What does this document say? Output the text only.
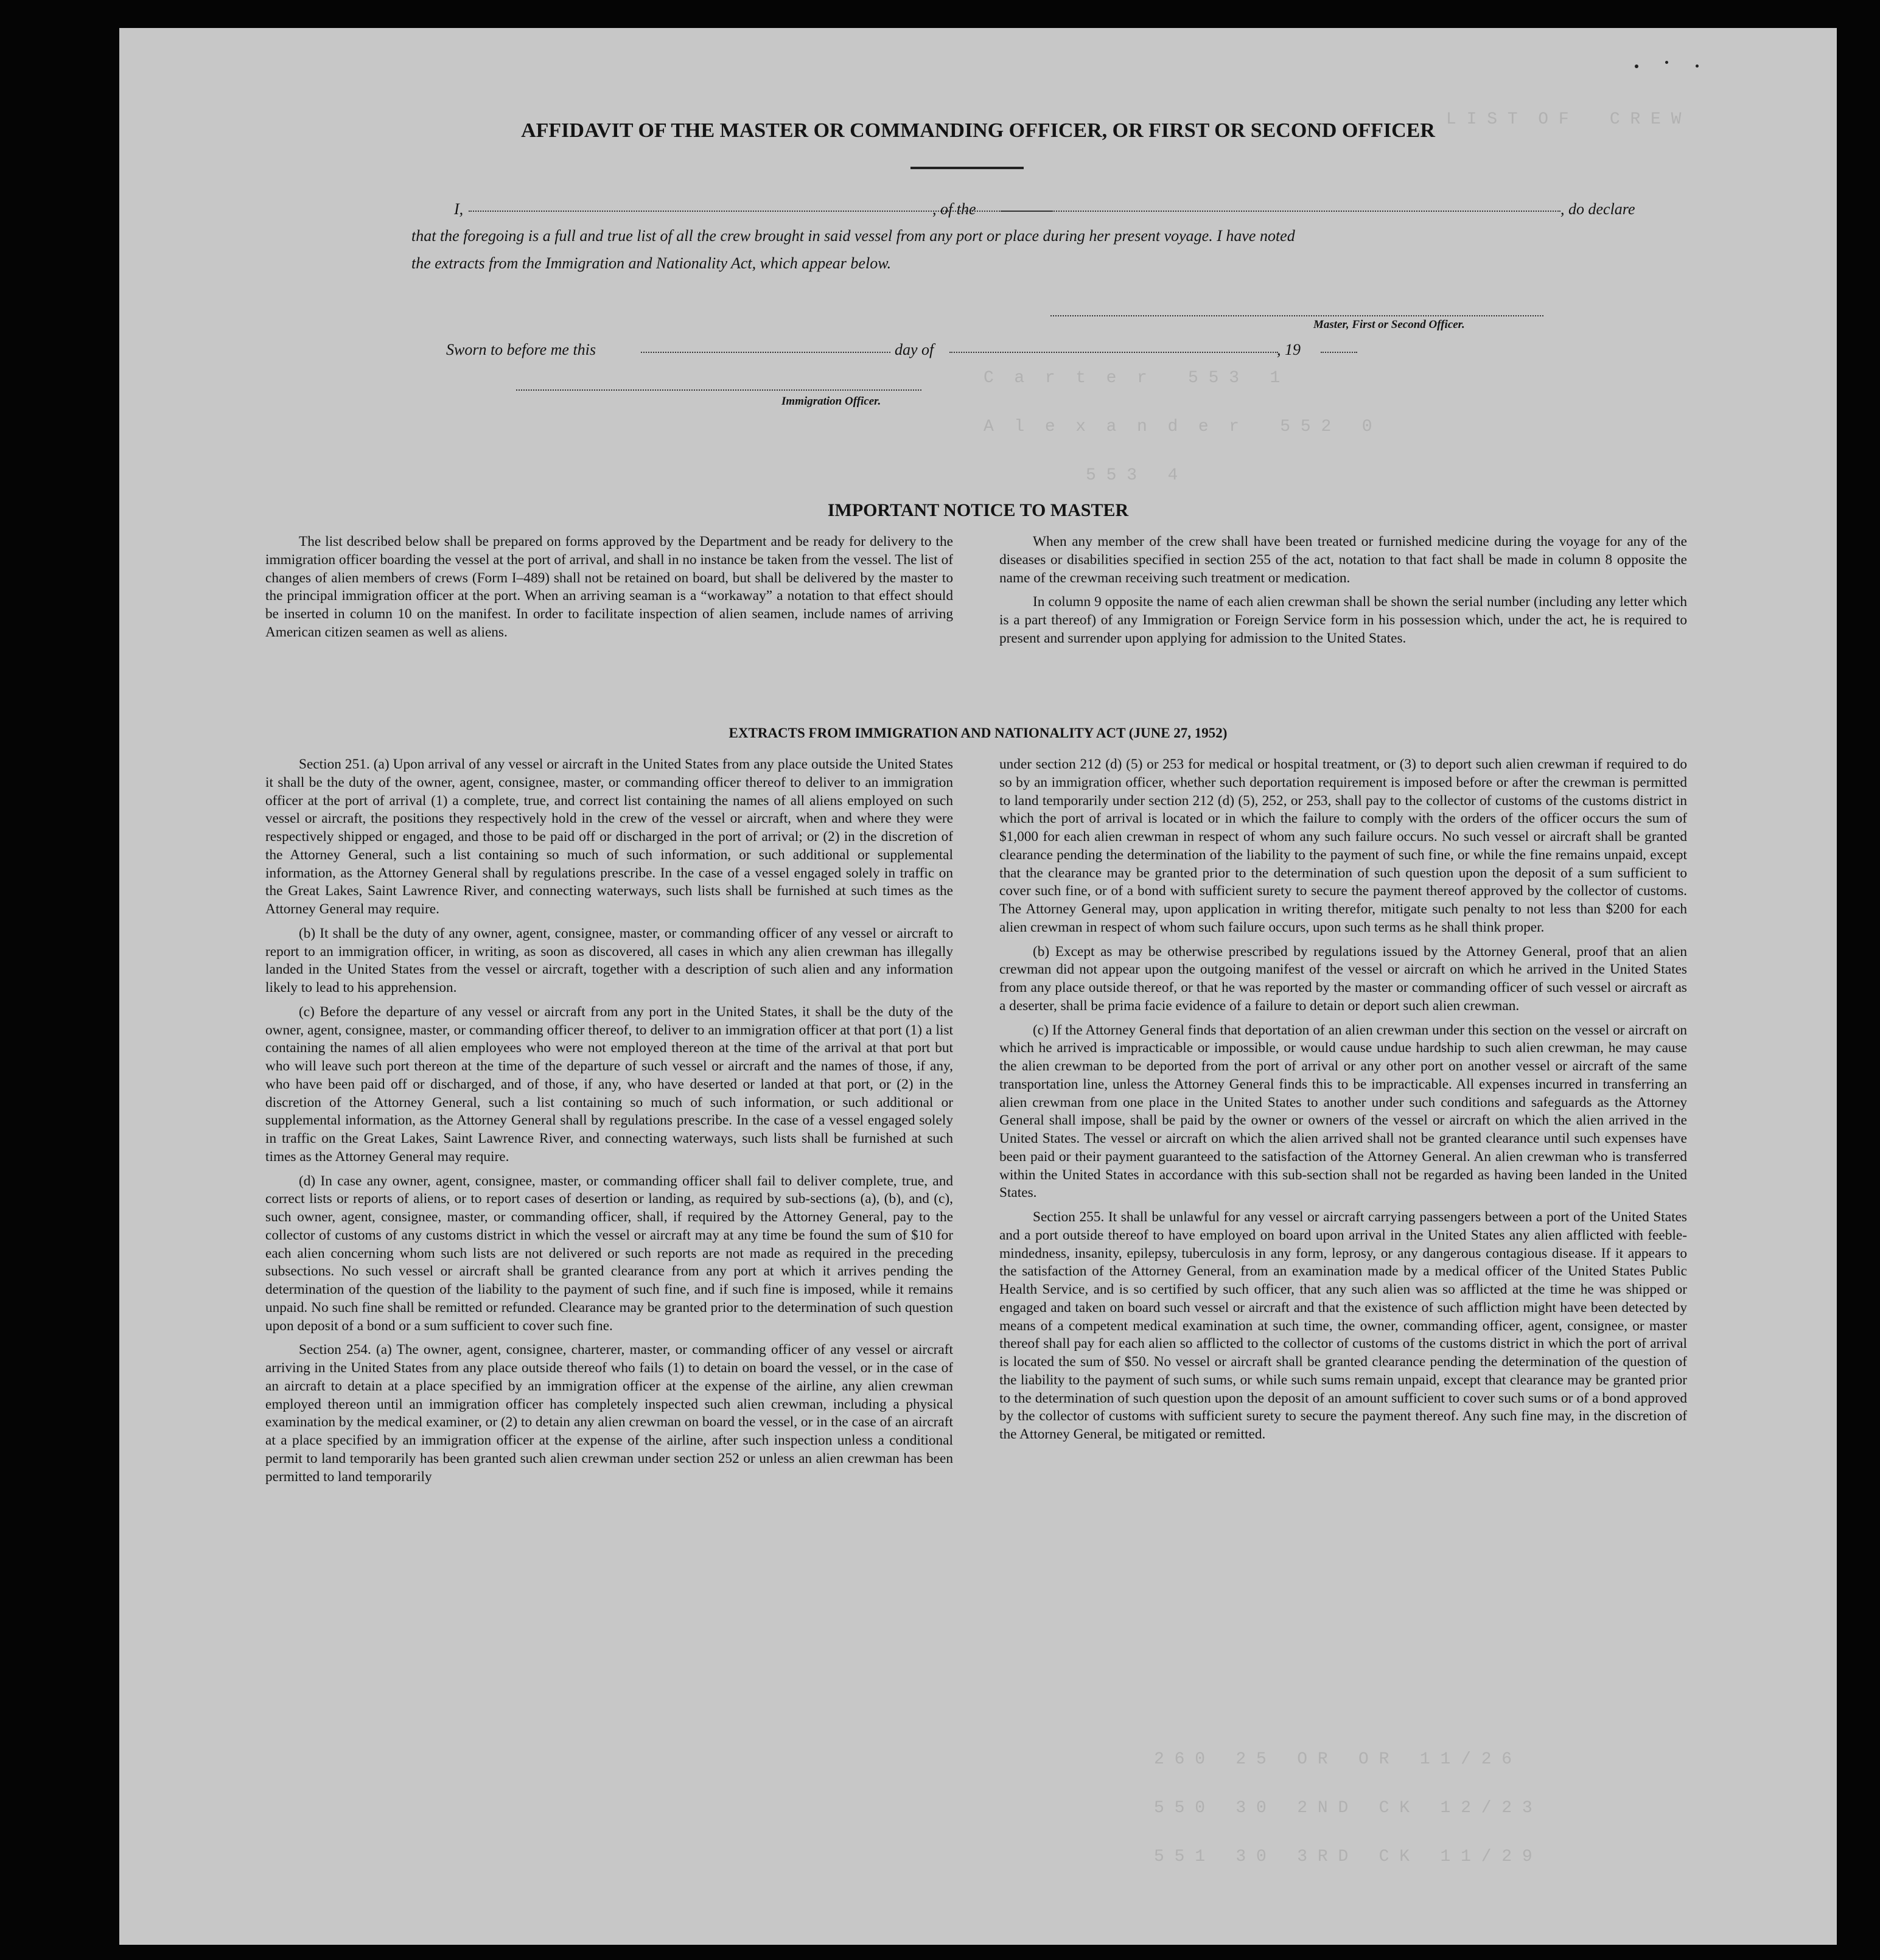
L I S T  O F    C R E W
C  a  r  t  e  r    5 5 3   1
A  l  e  x  a  n  d  e  r    5 5 2   0
5 5 3   4
2 6 0   2 5   O R   O R   1 1 / 2 6
5 5 0   3 0   2 N D   C K   1 2 / 2 3
5 5 1   3 0   3 R D   C K   1 1 / 2 9
AFFIDAVIT OF THE MASTER OR COMMANDING OFFICER, OR FIRST OR SECOND OFFICER
I,	, of the	, do declare
that the foregoing is a full and true list of all the crew brought in said vessel from any port or place during her present voyage. I have noted
the extracts from the Immigration and Nationality Act, which appear below.
Master, First or Second Officer.
Sworn to before me this	day of	, 19
Immigration Officer.
IMPORTANT NOTICE TO MASTER

The list described below shall be prepared on forms approved by the Department and be ready for delivery to the immigration officer boarding the vessel at the port of arrival, and shall in no instance be taken from the vessel. The list of changes of alien members of crews (Form I–489) shall not be retained on board, but shall be delivered by the master to the principal immigration officer at the port. When an arriving seaman is a “workaway” a notation to that effect should be inserted in column 10 on the manifest. In order to facilitate inspection of alien seamen, include names of arriving American citizen seamen as well as aliens.

When any member of the crew shall have been treated or furnished medicine during the voyage for any of the diseases or disabilities specified in section 255 of the act, notation to that fact shall be made in column 8 opposite the name of the crewman receiving such treatment or medication.

In column 9 opposite the name of each alien crewman shall be shown the serial number (including any letter which is a part thereof) of any Immigration or Foreign Service form in his possession which, under the act, he is required to present and surrender upon applying for admission to the United States.

EXTRACTS FROM IMMIGRATION AND NATIONALITY ACT (JUNE 27, 1952)

Section 251. (a) Upon arrival of any vessel or aircraft in the United States from any place outside the United States it shall be the duty of the owner, agent, consignee, master, or commanding officer thereof to deliver to an immigration officer at the port of arrival (1) a complete, true, and correct list containing the names of all aliens employed on such vessel or aircraft, the positions they respectively hold in the crew of the vessel or aircraft, when and where they were respectively shipped or engaged, and those to be paid off or discharged in the port of arrival; or (2) in the discretion of the Attorney General, such a list containing so much of such information, or such additional or supplemental information, as the Attorney General shall by regulations prescribe. In the case of a vessel engaged solely in traffic on the Great Lakes, Saint Lawrence River, and connecting waterways, such lists shall be furnished at such times as the Attorney General may require.

(b) It shall be the duty of any owner, agent, consignee, master, or commanding officer of any vessel or aircraft to report to an immigration officer, in writing, as soon as discovered, all cases in which any alien crewman has illegally landed in the United States from the vessel or aircraft, together with a description of such alien and any information likely to lead to his apprehension.

(c) Before the departure of any vessel or aircraft from any port in the United States, it shall be the duty of the owner, agent, consignee, master, or commanding officer thereof, to deliver to an immigration officer at that port (1) a list containing the names of all alien employees who were not employed thereon at the time of the arrival at that port but who will leave such port thereon at the time of the departure of such vessel or aircraft and the names of those, if any, who have been paid off or discharged, and of those, if any, who have deserted or landed at that port, or (2) in the discretion of the Attorney General, such a list containing so much of such information, or such additional or supplemental information, as the Attorney General shall by regulations prescribe. In the case of a vessel engaged solely in traffic on the Great Lakes, Saint Lawrence River, and connecting waterways, such lists shall be furnished at such times as the Attorney General may require.

(d) In case any owner, agent, consignee, master, or commanding officer shall fail to deliver complete, true, and correct lists or reports of aliens, or to report cases of desertion or landing, as required by sub-sections (a), (b), and (c), such owner, agent, consignee, master, or commanding officer, shall, if required by the Attorney General, pay to the collector of customs of any customs district in which the vessel or aircraft may at any time be found the sum of $10 for each alien concerning whom such lists are not delivered or such reports are not made as required in the preceding subsections. No such vessel or aircraft shall be granted clearance from any port at which it arrives pending the determination of the question of the liability to the payment of such fine, and if such fine is imposed, while it remains unpaid. No such fine shall be remitted or refunded. Clearance may be granted prior to the determination of such question upon deposit of a bond or a sum sufficient to cover such fine.

Section 254. (a) The owner, agent, consignee, charterer, master, or commanding officer of any vessel or aircraft arriving in the United States from any place outside thereof who fails (1) to detain on board the vessel, or in the case of an aircraft to detain at a place specified by an immigration officer at the expense of the airline, any alien crewman employed thereon until an immigration officer has completely inspected such alien crewman, including a physical examination by the medical examiner, or (2) to detain any alien crewman on board the vessel, or in the case of an aircraft at a place specified by an immigration officer at the expense of the airline, after such inspection unless a conditional permit to land temporarily has been granted such alien crewman under section 252 or unless an alien crewman has been permitted to land temporarily

under section 212 (d) (5) or 253 for medical or hospital treatment, or (3) to deport such alien crewman if required to do so by an immigration officer, whether such deportation requirement is imposed before or after the crewman is permitted to land temporarily under section 212 (d) (5), 252, or 253, shall pay to the collector of customs of the customs district in which the port of arrival is located or in which the failure to comply with the orders of the officer occurs the sum of $1,000 for each alien crewman in respect of whom any such failure occurs. No such vessel or aircraft shall be granted clearance pending the determination of the liability to the payment of such fine, or while the fine remains unpaid, except that the clearance may be granted prior to the determination of such question upon the deposit of a sum sufficient to cover such fine, or of a bond with sufficient surety to secure the payment thereof approved by the collector of customs. The Attorney General may, upon application in writing therefor, mitigate such penalty to not less than $200 for each alien crewman in respect of whom such failure occurs, upon such terms as he shall think proper.

(b) Except as may be otherwise prescribed by regulations issued by the Attorney General, proof that an alien crewman did not appear upon the outgoing manifest of the vessel or aircraft on which he arrived in the United States from any place outside thereof, or that he was reported by the master or commanding officer of such vessel or aircraft as a deserter, shall be prima facie evidence of a failure to detain or deport such alien crewman.

(c) If the Attorney General finds that deportation of an alien crewman under this section on the vessel or aircraft on which he arrived is impracticable or impossible, or would cause undue hardship to such alien crewman, he may cause the alien crewman to be deported from the port of arrival or any other port on another vessel or aircraft of the same transportation line, unless the Attorney General finds this to be impracticable. All expenses incurred in transferring an alien crewman from one place in the United States to another under such conditions and safeguards as the Attorney General shall impose, shall be paid by the owner or owners of the vessel or aircraft on which the alien arrived in the United States. The vessel or aircraft on which the alien arrived shall not be granted clearance until such expenses have been paid or their payment guaranteed to the satisfaction of the Attorney General. An alien crewman who is transferred within the United States in accordance with this sub-section shall not be regarded as having been landed in the United States.

Section 255. It shall be unlawful for any vessel or aircraft carrying passengers between a port of the United States and a port outside thereof to have employed on board upon arrival in the United States any alien afflicted with feeble-mindedness, insanity, epilepsy, tuberculosis in any form, leprosy, or any dangerous contagious disease. If it appears to the satisfaction of the Attorney General, from an examination made by a medical officer of the United States Public Health Service, and is so certified by such officer, that any such alien was so afflicted at the time he was shipped or engaged and taken on board such vessel or aircraft and that the existence of such affliction might have been detected by means of a competent medical examination at such time, the owner, commanding officer, agent, consignee, or master thereof shall pay for each alien so afflicted to the collector of customs of the customs district in which the port of arrival is located the sum of $50. No vessel or aircraft shall be granted clearance pending the determination of the question of the liability to the payment of such sums, or while such sums remain unpaid, except that clearance may be granted prior to the determination of such question upon the deposit of an amount sufficient to cover such sums or of a bond approved by the collector of customs with sufficient surety to secure the payment thereof. Any such fine may, in the discretion of the Attorney General, be mitigated or remitted.
